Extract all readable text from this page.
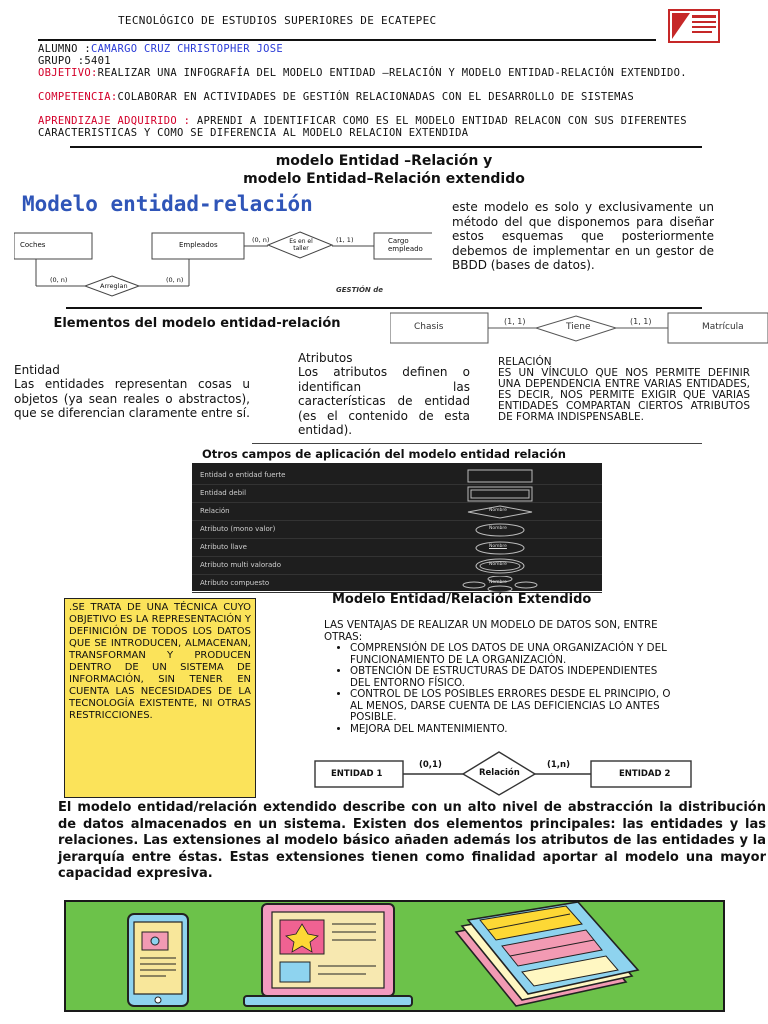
TECNOLÓGICO DE ESTUDIOS SUPERIORES DE ECATEPEC
ALUMNO :CAMARGO CRUZ CHRISTOPHER JOSE
GRUPO :5401
OBJETIVO:REALIZAR UNA INFOGRAFÍA DEL MODELO ENTIDAD –RELACIÓN Y MODELO ENTIDAD-RELACIÓN EXTENDIDO.
COMPETENCIA:COLABORAR EN ACTIVIDADES DE GESTIÓN RELACIONADAS CON EL DESARROLLO DE SISTEMAS
APRENDIZAJE ADQUIRIDO : APRENDI A IDENTIFICAR COMO ES EL MODELO ENTIDAD RELACON CON SUS DIFERENTES CARACTERISTICAS Y COMO SE DIFERENCIA AL MODELO RELACION EXTENDIDA
modelo Entidad –Relación y
modelo Entidad–Relación extendido
Modelo entidad-relación
Coches	Empleados	Cargo empleado
Es en el taller
Arreglan
(0, n)	(1, 1)
(0, n)	(0, n)
GESTIÓN de
este modelo es solo y exclusivamente un método del que disponemos para diseñar estos esquemas que posteriormente debemos de implementar en un gestor de BBDD (bases de datos).
Elementos del modelo entidad-relación	Chasis	Tiene	Matrícula
(1, 1)	(1, 1)
Entidad
Las entidades representan cosas u objetos (ya sean reales o abstractos), que se diferencian claramente entre sí.
Atributos
Los atributos definen o identifican las características de entidad (es el contenido de esta entidad).
RELACIÓN
ES UN VÍNCULO QUE NOS PERMITE DEFINIR UNA DEPENDENCIA ENTRE VARIAS ENTIDADES, ES DECIR, NOS PERMITE EXIGIR QUE VARIAS ENTIDADES COMPARTAN CIERTOS ATRIBUTOS DE FORMA INDISPENSABLE.
Otros campos de aplicación del modelo entidad relación
Entidad o entidad fuerte
Entidad debil
Relación	Nombre
Atributo (mono valor)	Nombre
Atributo llave	Nombre
Atributo multi valorado	Nombre
Atributo compuesto	Nombre
.SE TRATA DE UNA TÉCNICA CUYO OBJETIVO ES LA REPRESENTACIÓN Y DEFINICIÓN DE TODOS LOS DATOS QUE SE INTRODUCEN, ALMACENAN, TRANSFORMAN Y PRODUCEN DENTRO DE UN SISTEMA DE INFORMACIÓN, SIN TENER EN CUENTA LAS NECESIDADES DE LA TECNOLOGÍA EXISTENTE, NI OTRAS RESTRICCIONES.
Modelo Entidad/Relación Extendido
LAS VENTAJAS DE REALIZAR UN MODELO DE DATOS SON, ENTRE OTRAS:
• COMPRENSIÓN DE LOS DATOS DE UNA ORGANIZACIÓN Y DEL FUNCIONAMIENTO DE LA ORGANIZACIÓN.
• OBTENCIÓN DE ESTRUCTURAS DE DATOS INDEPENDIENTES DEL ENTORNO FÍSICO.
• CONTROL DE LOS POSIBLES ERRORES DESDE EL PRINCIPIO, O AL MENOS, DARSE CUENTA DE LAS DEFICIENCIAS LO ANTES POSIBLE.
• MEJORA DEL MANTENIMIENTO.
ENTIDAD 1	Relación	ENTIDAD 2
(0,1)	(1,n)
El modelo entidad/relación extendido describe con un alto nivel de abstracción la distribución de datos almacenados en un sistema. Existen dos elementos principales: las entidades y las relaciones. Las extensiones al modelo básico añaden además los atributos de las entidades y la jerarquía entre éstas. Estas extensiones tienen como finalidad aportar al modelo una mayor capacidad expresiva.
